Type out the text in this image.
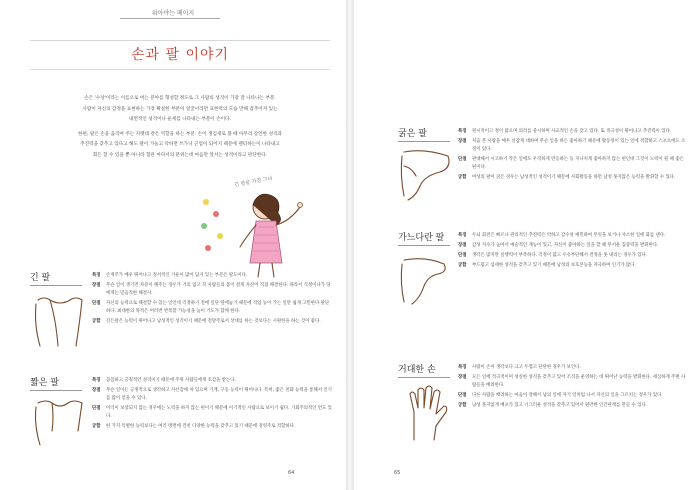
위아야는 페이지
손과 팔 이야기

손은 '수상'이라는 이름으로 여는 분야를 형성할 정도로 그 사람의 성격이 가장 잘 나타나는 부분.

사람이 자신의 감정을 표현하는 가장 확실한 부분이 얼굴이라면 표현력의 모습 만해 감추어져 있는

내면적인 성격이나 운세를 나타내는 부분이 손이다.

한편, 팔은 손을 움직여 주는 지렛대 같은 역할을 하는 부분. 손이 생김새로 볼 때 아무리 강인한 성격과

추진력을 갖추고 있다고 해도 팔이 가늘고 약하면 쓰가니 근업이 되어지 때문에 렌터하는이 나타내고

회든 할 수 있을 뿐 아니라 혈관 마다서의 분위는데 마음만 앞서는 성격이라고 판단한다.

긴 팔을 가진 그녀
긴 팔	특징	손재주가 매우 뛰어나고 정서적인 기운이 많이 담겨 있는 부분은 팔도이다.
장점	무슨 일이 생기면 차분이 해주는 경우가 거의 없고 꼭 사람들의 몸이 설게 자신이 직접 해결한다. 따라서 식성이나가 당에게는 믿음직한 해결사.
단점	자신의 능력으로 해결할 수 있는 일인데 걱정하기 전에 일단 앞에놓기 때문에 직업 능이 가는 일만 쉽게 고민한다 판단하다. 최대한의 목적은 여러번 반복할 가능성을 높이 기도가 함께 한다.
궁합	길든팔은 능력이 뛰어나고 남성적인 성격이기 때문에 전망주로서 상대를 하는 것보다는 시원한을 하는 것이 좋다.
짧은 팔	특징	꼼꼼하고 긍정적인 성격이기 때문에 주위 사람들에게 호감을 받는다.
장점	무슨 일이든 긍정적으로 생각하고 자신감에 차 있으며 기계, 구동 능력이 뛰어나다. 특히, 좋은 친화 능력을 통해서 인기를 많이 얻을 수 있다.
단점	이익이 보장되지 않는 경우에는 노력을 하지 않는 편이기 때문에 이기적인 사람으로 보이기 쉽다. 기회주의적인 면도 있다.
궁합	한 가지 특별한 능력보다는 여러 방면에 걸친 다양한 능력을 갖추고 있기 때문에 경영주로 적합하다.
64
굵은 팔	특징	원시적이고 정이 많으며 의리를 중시하며 사교적인 손을 갖고 있다. 또 적극성이 뛰어나고 추진력이 있다.
장점	처음 본 사람을 매우 살갑게 대하여 무슨 일을 하든 좋아하기 때문에 활동성이 있는 일에 적합하고 스포츠에도 소질이 있다.
단점	관대해서 시고하기 작은 일에도 우직하게 반응하는 등 지나치게 좋아하지 않는 편인데 그것이 노력이 될 때 좋은 편이다.
궁합	여성의 팔이 굵은 경우는 남성적인 성격이기 때문에 사회활동을 하면 남성 못지않은 능력을 발휘할 수 있다.
가느다란 팔	특징	두뇌 회전은 빠르나 관리적인 추진력은 약하고 감수성 예민하여 무엇을 보거나 사소한 일에 화를 낸다.
장점	감성 지수가 높아서 예술적인 재능이 있고, 자신이 좋아하는 일을 할 때 무서운 집중력을 발휘한다.
단점	생각은 많지만 실행력이 부족하다. 걱정이 많고 우유부단해서 결정을 못 내리는 경우가 있다.
궁합	부드럽고 섬세한 성격을 갖추고 있기 때문에 남성의 보호본능을 자극하여 인기가 많다.
거대한 손	특징	사람이 손이 생각보다 크고 두껍고 단단한 경우가 보인다.
장점	모든 일에 적극적이며 성실한 성격을 갖추고 있어 조직을 운영하는 데 뛰어난 능력을 발휘한다. 세심하게 주변 사람들을 배려한다.
단점	다른 사람을 배려하는 마음이 강해서 남의 일에 자기 일처럼 나서 자신의 일을 그르치는 경우가 있다.
궁합	남성 못지않게 배포가 있고 너그러운 성격을 갖추고 있어서 원만한 인간관계를 만들 수 있다.
65
